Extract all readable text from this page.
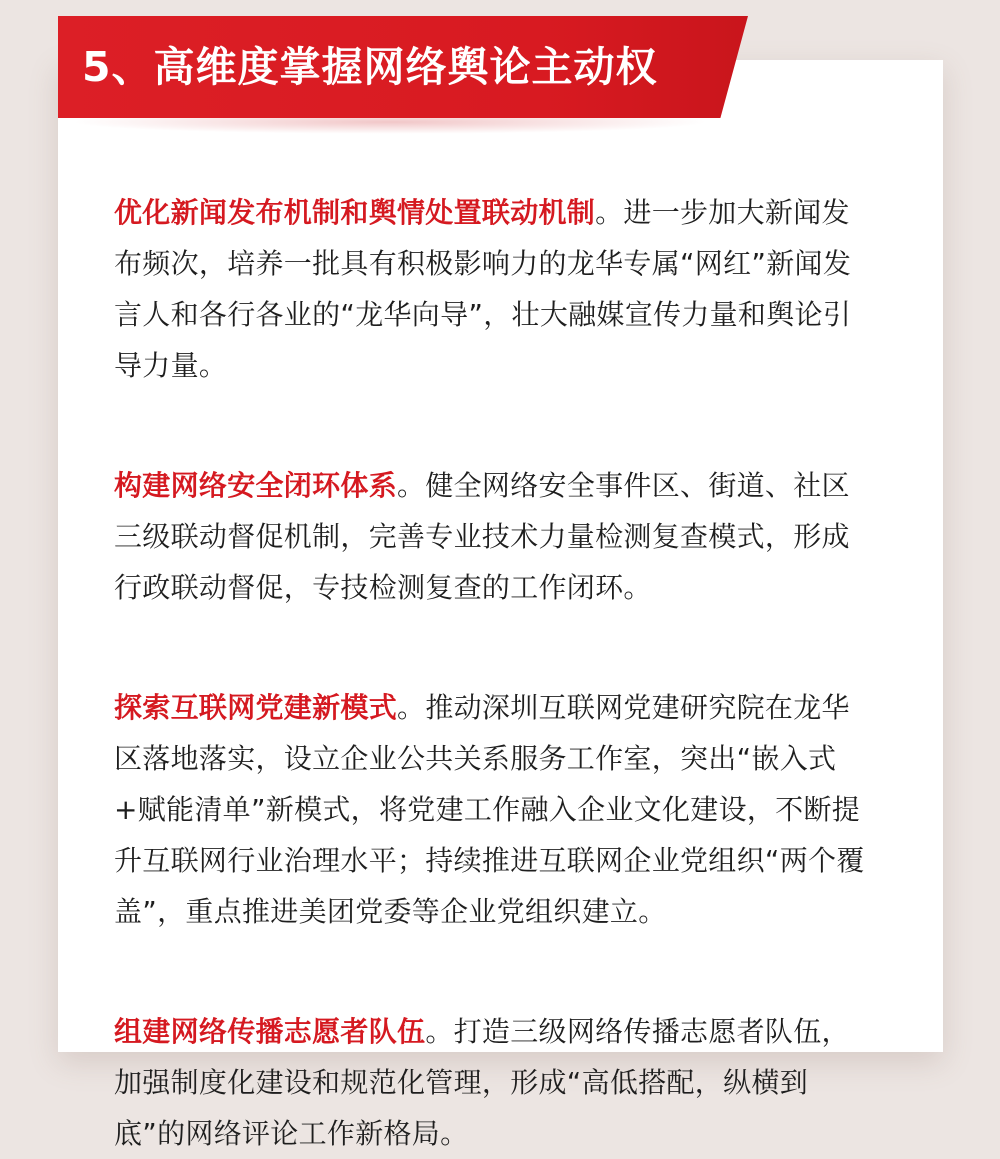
5、高维度掌握网络舆论主动权

优化新闻发布机制和舆情处置联动机制。进一步加大新闻发布频次，培养一批具有积极影响力的龙华专属“网红”新闻发言人和各行各业的“龙华向导”，壮大融媒宣传力量和舆论引导力量。

构建网络安全闭环体系。健全网络安全事件区、街道、社区三级联动督促机制，完善专业技术力量检测复查模式，形成行政联动督促，专技检测复查的工作闭环。

探索互联网党建新模式。推动深圳互联网党建研究院在龙华区落地落实，设立企业公共关系服务工作室，突出“嵌入式+赋能清单”新模式，将党建工作融入企业文化建设，不断提升互联网行业治理水平；持续推进互联网企业党组织“两个覆盖”，重点推进美团党委等企业党组织建立。

组建网络传播志愿者队伍。打造三级网络传播志愿者队伍，加强制度化建设和规范化管理，形成“高低搭配，纵横到底”的网络评论工作新格局。
